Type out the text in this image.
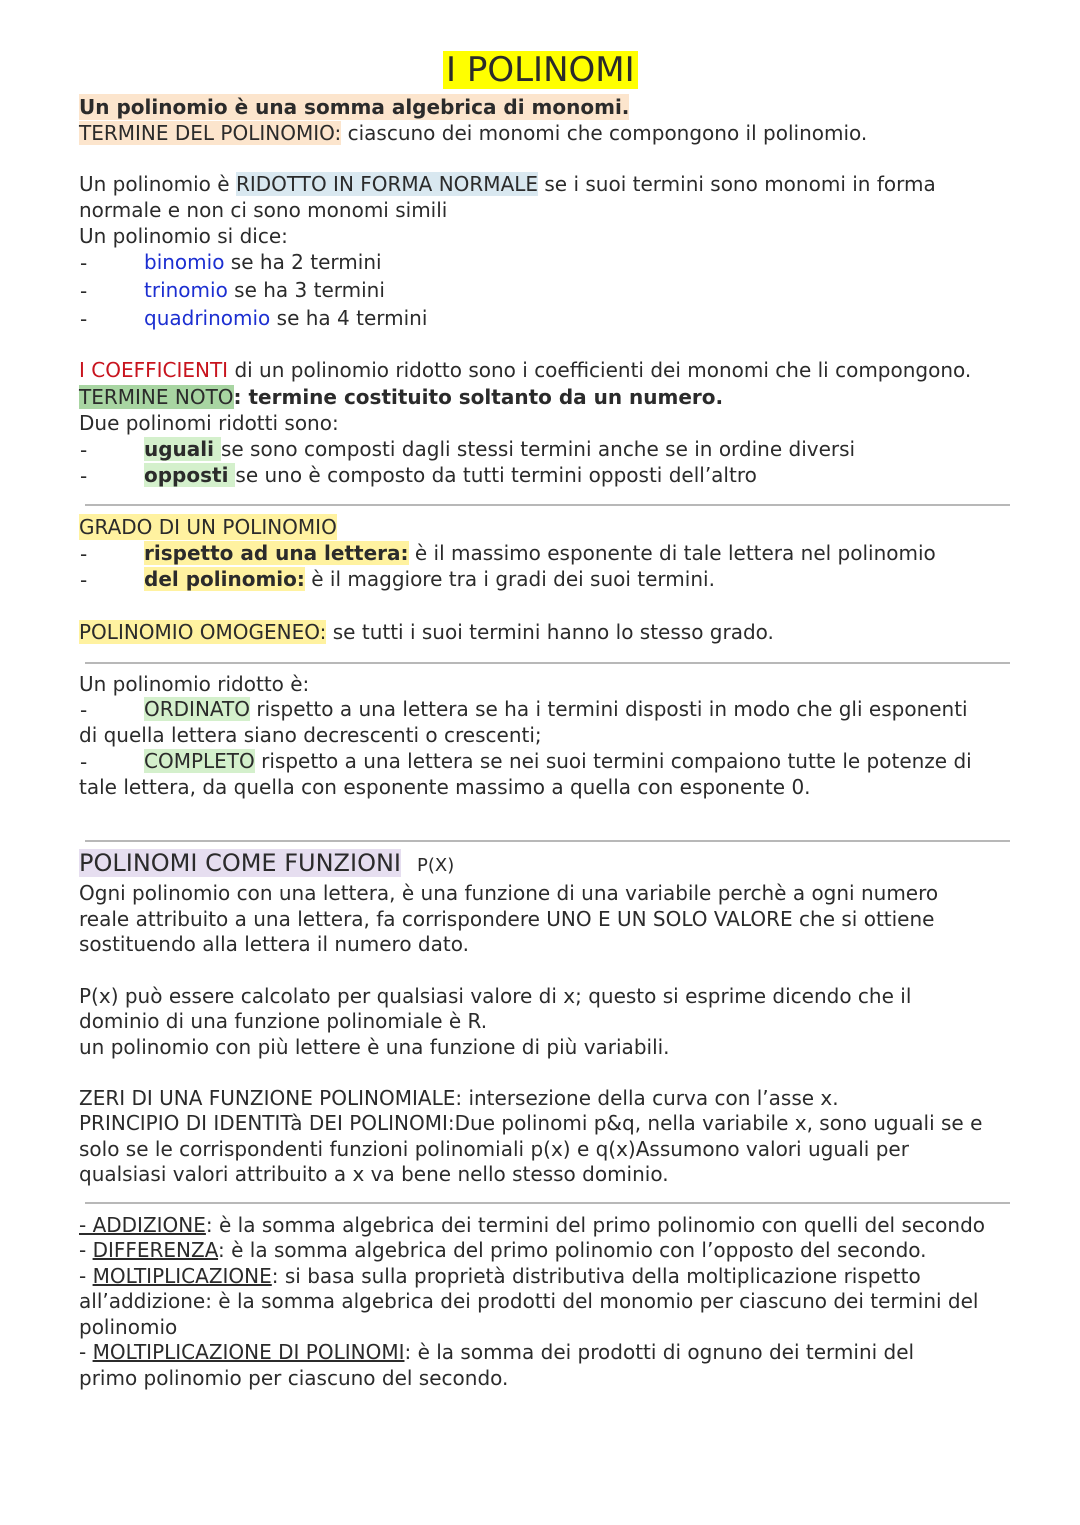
I POLINOMI
Un polinomio è una somma algebrica di monomi.
TERMINE DEL POLINOMIO: ciascuno dei monomi che compongono il polinomio.
Un polinomio è RIDOTTO IN FORMA NORMALE se i suoi termini sono monomi in forma
normale e non ci sono monomi simili
Un polinomio si dice:
-	binomio se ha 2 termini
-	trinomio se ha 3 termini
-	quadrinomio se ha 4 termini
I COEFFICIENTI di un polinomio ridotto sono i coefficienti dei monomi che li compongono.
TERMINE NOTO: termine costituito soltanto da un numero.
Due polinomi ridotti sono:
-	uguali se sono composti dagli stessi termini anche se in ordine diversi
-	opposti se uno è composto da tutti termini opposti dell’altro
GRADO DI UN POLINOMIO
-	rispetto ad una lettera: è il massimo esponente di tale lettera nel polinomio
-	del polinomio: è il maggiore tra i gradi dei suoi termini.
POLINOMIO OMOGENEO: se tutti i suoi termini hanno lo stesso grado.
Un polinomio ridotto è:
-	ORDINATO rispetto a una lettera se ha i termini disposti in modo che gli esponenti
di quella lettera siano decrescenti o crescenti;
-	COMPLETO rispetto a una lettera se nei suoi termini compaiono tutte le potenze di
tale lettera, da quella con esponente massimo a quella con esponente 0.
POLINOMI COME FUNZIONI P(X)
Ogni polinomio con una lettera, è una funzione di una variabile perchè a ogni numero
reale attribuito a una lettera, fa corrispondere UNO E UN SOLO VALORE che si ottiene
sostituendo alla lettera il numero dato.
P(x) può essere calcolato per qualsiasi valore di x; questo si esprime dicendo che il
dominio di una funzione polinomiale è R.
un polinomio con più lettere è una funzione di più variabili.
ZERI DI UNA FUNZIONE POLINOMIALE: intersezione della curva con l’asse x.
PRINCIPIO DI IDENTITà DEI POLINOMI:Due polinomi p&q, nella variabile x, sono uguali se e
solo se le corrispondenti funzioni polinomiali p(x) e q(x)Assumono valori uguali per
qualsiasi valori attribuito a x va bene nello stesso dominio.
- ADDIZIONE: è la somma algebrica dei termini del primo polinomio con quelli del secondo
- DIFFERENZA: è la somma algebrica del primo polinomio con l’opposto del secondo.
- MOLTIPLICAZIONE: si basa sulla proprietà distributiva della moltiplicazione rispetto
all’addizione: è la somma algebrica dei prodotti del monomio per ciascuno dei termini del
polinomio
- MOLTIPLICAZIONE DI POLINOMI: è la somma dei prodotti di ognuno dei termini del
primo polinomio per ciascuno del secondo.
